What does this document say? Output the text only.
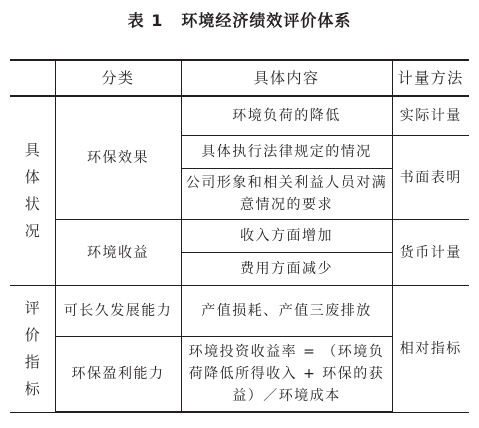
表 1 环境经济绩效评价体系
	分类	具体内容	计量方法
具体状况	环保效果	环境负荷的降低	实际计量
		具体执行法律规定的情况	书面表明
		公司形象和相关利益人员对满意情况的要求	
	环境收益	收入方面增加	货币计量
		费用方面减少	
评价指标	可长久发展能力	产值损耗、产值三废排放	相对指标
	环保盈利能力	环境投资收益率 = （环境负荷降低所得收入 + 环保的获益）／环境成本	
